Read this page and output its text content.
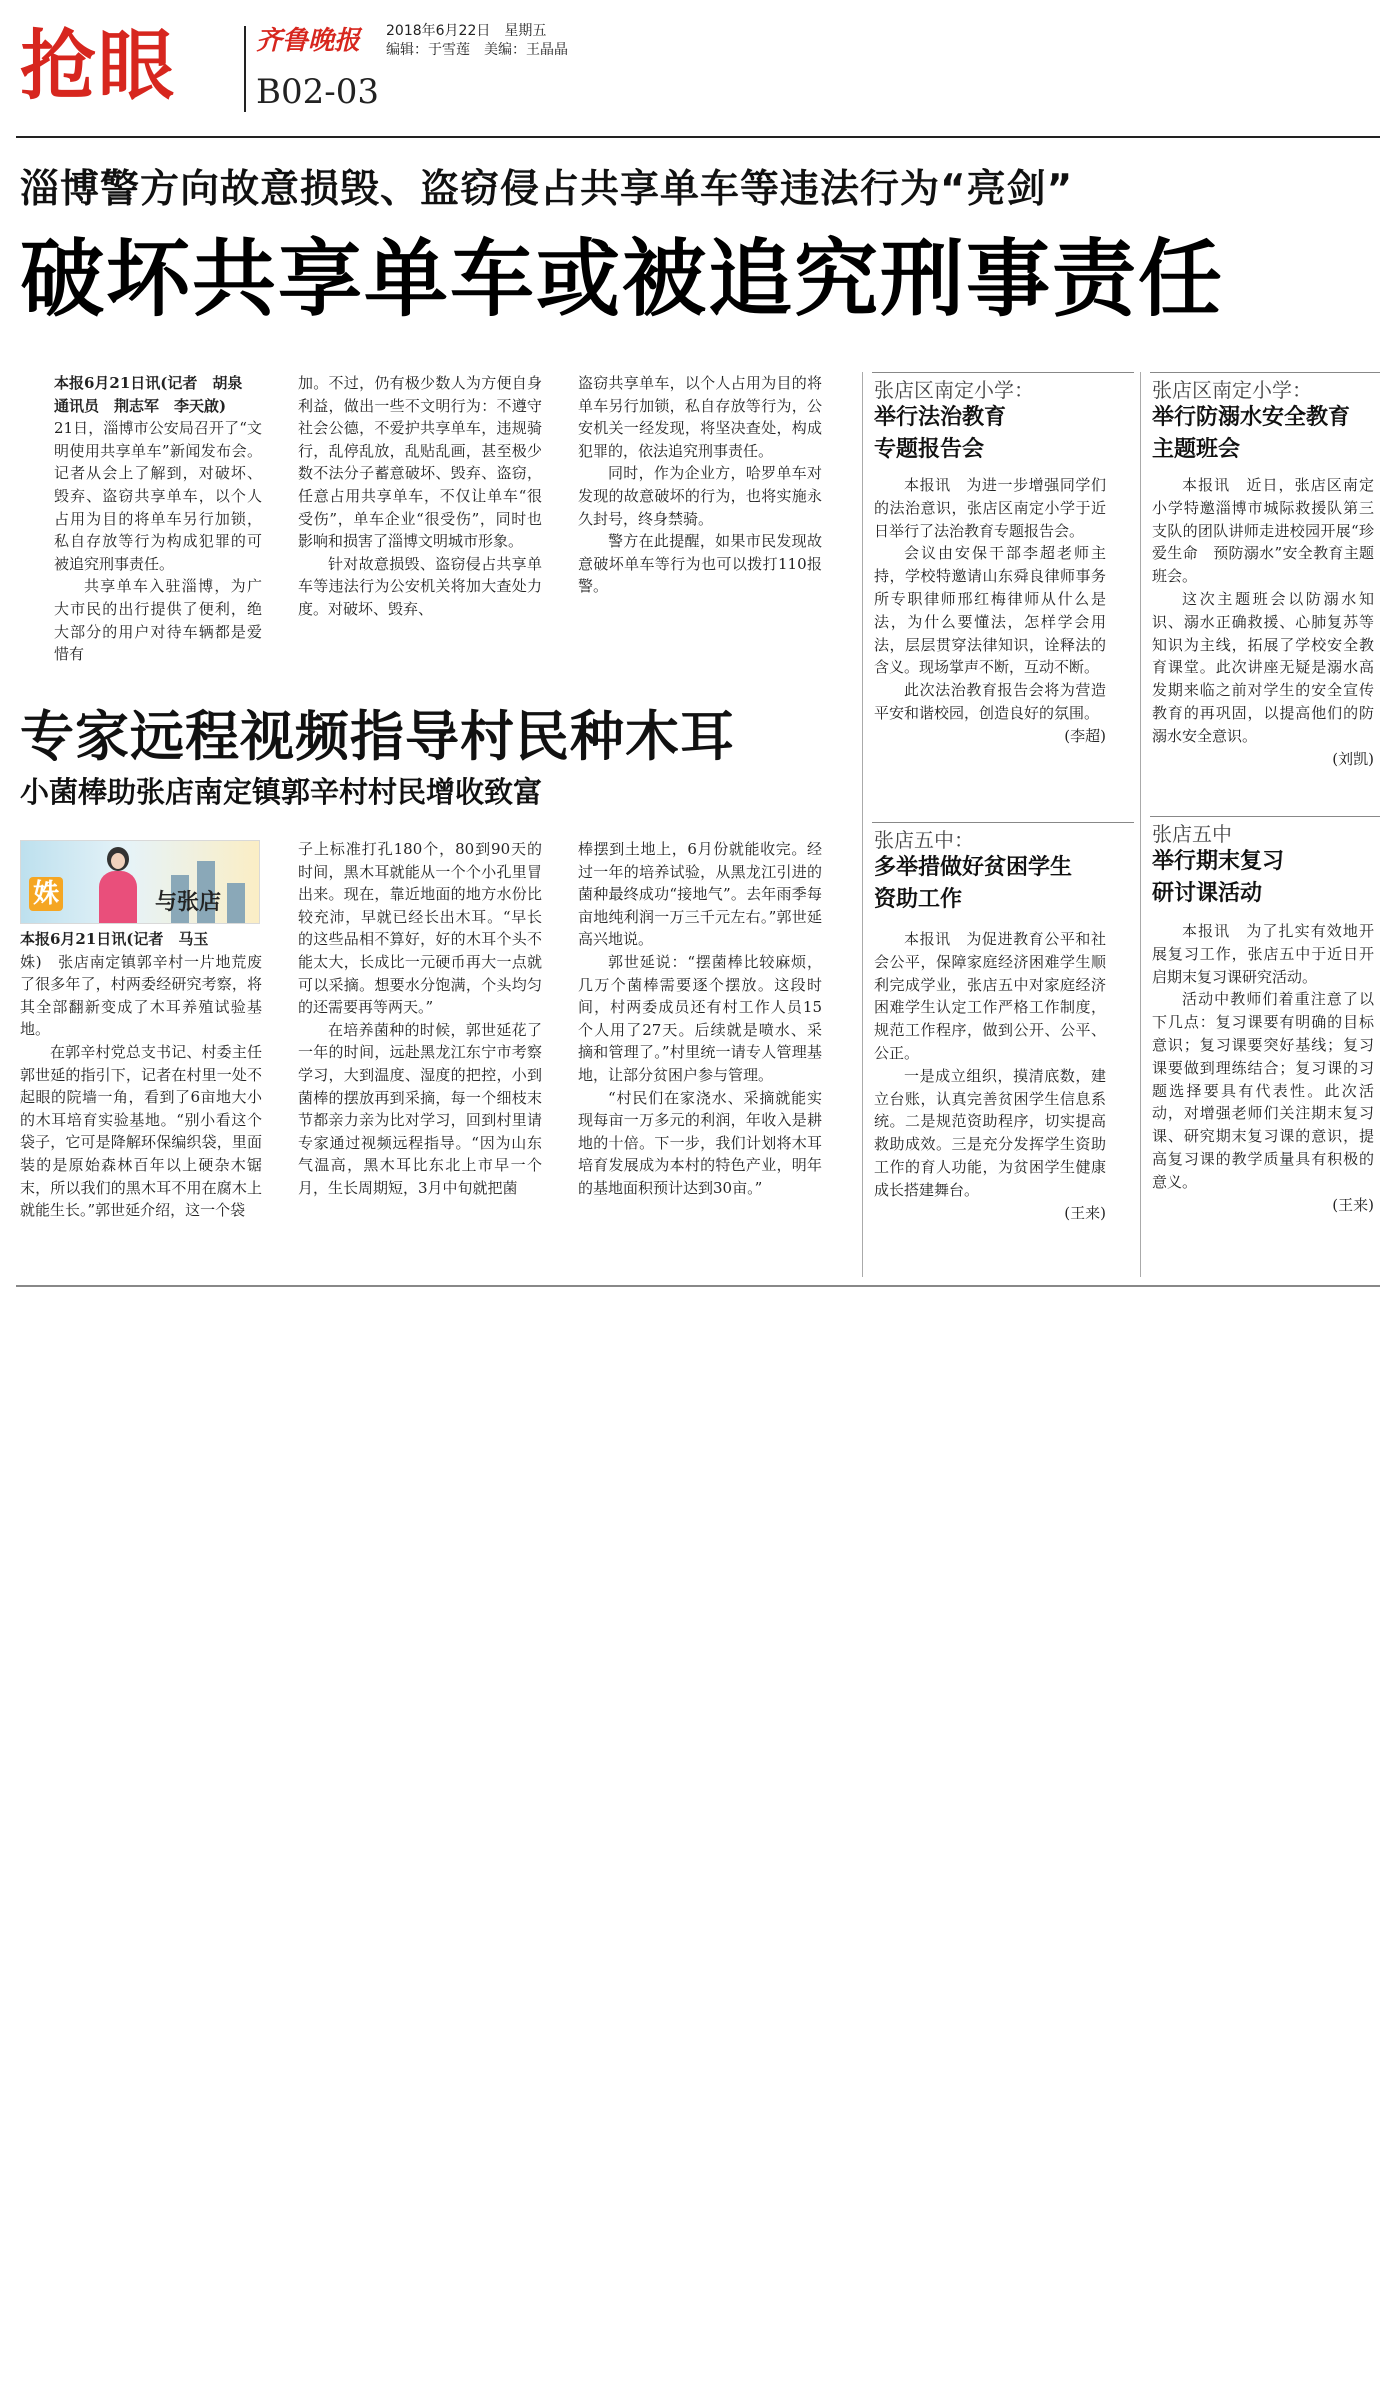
抢眼	齐鲁晚报 2018年6月22日 星期五
编辑：于雪莲 美编：王晶晶
B02-03
淄博警方向故意损毁、盗窃侵占共享单车等违法行为“亮剑”
破坏共享单车或被追究刑事责任

本报6月21日讯(记者　胡泉

通讯员　荆志军　李天啟)

21日，淄博市公安局召开了“文明使用共享单车”新闻发布会。记者从会上了解到，对破坏、毁弃、盗窃共享单车，以个人占用为目的将单车另行加锁，私自存放等行为构成犯罪的可被追究刑事责任。

共享单车入驻淄博，为广大市民的出行提供了便利，绝大部分的用户对待车辆都是爱惜有

加。不过，仍有极少数人为方便自身利益，做出一些不文明行为：不遵守社会公德，不爱护共享单车，违规骑行，乱停乱放，乱贴乱画，甚至极少数不法分子蓄意破坏、毁弃、盗窃，任意占用共享单车，不仅让单车“很受伤”，单车企业“很受伤”，同时也影响和损害了淄博文明城市形象。

针对故意损毁、盗窃侵占共享单车等违法行为公安机关将加大查处力度。对破坏、毁弃、

盗窃共享单车，以个人占用为目的将单车另行加锁，私自存放等行为，公安机关一经发现，将坚决查处，构成犯罪的，依法追究刑事责任。

同时，作为企业方，哈罗单车对发现的故意破坏的行为，也将实施永久封号，终身禁骑。

警方在此提醒，如果市民发现故意破坏单车等行为也可以拨打110报警。

专家远程视频指导村民种木耳
小菌棒助张店南定镇郭辛村村民增收致富
姝	与张店

本报6月21日讯(记者　马玉

姝)　张店南定镇郭辛村一片地荒废了很多年了，村两委经研究考察，将其全部翻新变成了木耳养殖试验基地。

在郭辛村党总支书记、村委主任郭世延的指引下，记者在村里一处不起眼的院墙一角，看到了6亩地大小的木耳培育实验基地。“别小看这个袋子，它可是降解环保编织袋，里面装的是原始森林百年以上硬杂木锯末，所以我们的黑木耳不用在腐木上就能生长。”郭世延介绍，这一个袋

子上标准打孔180个，80到90天的时间，黑木耳就能从一个个小孔里冒出来。现在，靠近地面的地方水份比较充沛，早就已经长出木耳。“早长的这些品相不算好，好的木耳个头不能太大，长成比一元硬币再大一点就可以采摘。想要水分饱满，个头均匀的还需要再等两天。”

在培养菌种的时候，郭世延花了一年的时间，远赴黑龙江东宁市考察学习，大到温度、湿度的把控，小到菌棒的摆放再到采摘，每一个细枝末节都亲力亲为比对学习，回到村里请专家通过视频远程指导。“因为山东气温高，黑木耳比东北上市早一个月，生长周期短，3月中旬就把菌

棒摆到土地上，6月份就能收完。经过一年的培养试验，从黑龙江引进的菌种最终成功“接地气”。去年雨季每亩地纯利润一万三千元左右。”郭世延高兴地说。

郭世延说：“摆菌棒比较麻烦，几万个菌棒需要逐个摆放。这段时间，村两委成员还有村工作人员15个人用了27天。后续就是喷水、采摘和管理了。”村里统一请专人管理基地，让部分贫困户参与管理。

“村民们在家浇水、采摘就能实现每亩一万多元的利润，年收入是耕地的十倍。下一步，我们计划将木耳培育发展成为本村的特色产业，明年的基地面积预计达到30亩。”

张店区南定小学：
举行法治教育
专题报告会

本报讯　为进一步增强同学们的法治意识，张店区南定小学于近日举行了法治教育专题报告会。

会议由安保干部李超老师主持，学校特邀请山东舜良律师事务所专职律师邢红梅律师从什么是法，为什么要懂法，怎样学会用法，层层贯穿法律知识，诠释法的含义。现场掌声不断，互动不断。

此次法治教育报告会将为营造平安和谐校园，创造良好的氛围。

(李超)

张店区南定小学：
举行防溺水安全教育
主题班会

本报讯　近日，张店区南定小学特邀淄博市城际救援队第三支队的团队讲师走进校园开展“珍爱生命　预防溺水”安全教育主题班会。

这次主题班会以防溺水知识、溺水正确救援、心肺复苏等知识为主线，拓展了学校安全教育课堂。此次讲座无疑是溺水高发期来临之前对学生的安全宣传教育的再巩固，以提高他们的防溺水安全意识。

(刘凯)

张店五中：
多举措做好贫困学生
资助工作

本报讯　为促进教育公平和社会公平，保障家庭经济困难学生顺利完成学业，张店五中对家庭经济困难学生认定工作严格工作制度，规范工作程序，做到公开、公平、公正。

一是成立组织，摸清底数，建立台账，认真完善贫困学生信息系统。二是规范资助程序，切实提高救助成效。三是充分发挥学生资助工作的育人功能，为贫困学生健康成长搭建舞台。

(王来)

张店五中
举行期末复习
研讨课活动

本报讯　为了扎实有效地开展复习工作，张店五中于近日开启期末复习课研究活动。

活动中教师们着重注意了以下几点：复习课要有明确的目标意识；复习课要突好基线；复习课要做到理练结合；复习课的习题选择要具有代表性。此次活动，对增强老师们关注期末复习课、研究期末复习课的意识，提高复习课的教学质量具有积极的意义。

(王来)
